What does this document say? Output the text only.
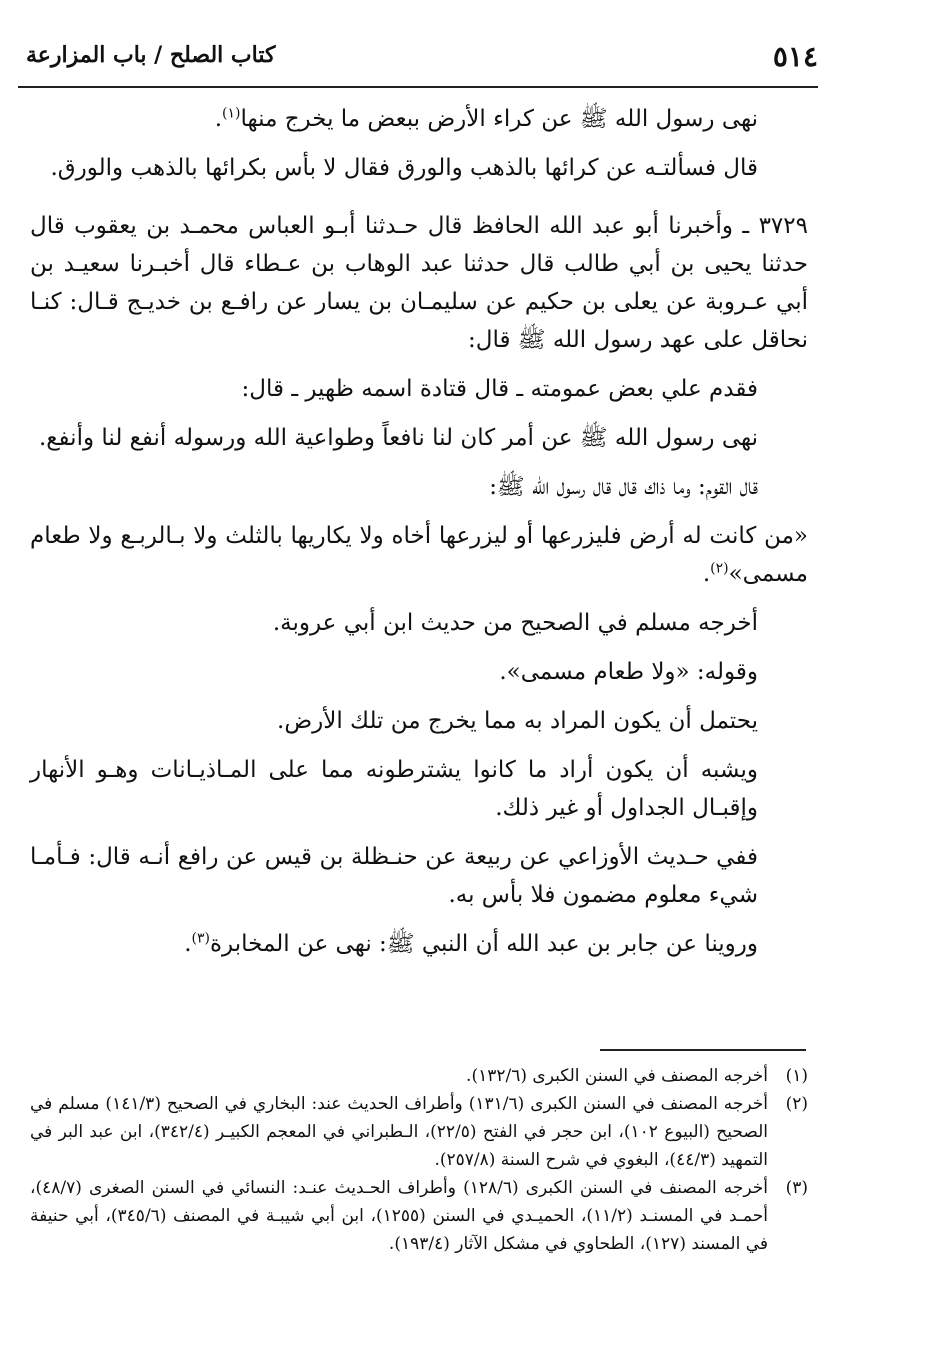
٥١٤
كتاب الصلح / باب المزارعة

نهى رسول الله ﷺ عن كراء الأرض ببعض ما يخرج منها$^{(١)}$.

قال فسألتـه عن كرائها بالذهب والورق فقال لا بأس بكرائها بالذهب والورق.

٣٧٢٩ ـ وأخبرنا أبو عبد الله الحافظ قال حـدثنا أبـو العباس محمـد بن يعقوب قال حدثنا يحيى بن أبي طالب قال حدثنا عبد الوهاب بن عـطاء قال أخبـرنا سعيـد بن أبي عـروبة عن يعلى بن حكيم عن سليمـان بن يسار عن رافـع بن خديـج قـال: كنـا نحاقل على عهد رسول الله ﷺ قال:

فقدم علي بعض عمومته ـ قال قتادة اسمه ظهير ـ قال:

نهى رسول الله ﷺ عن أمر كان لنا نافعاً وطواعية الله ورسوله أنفع لنا وأنفع.

قال القوم: وما ذاك قال قال رسول الله ﷺ:

«من كانت له أرض فليزرعها أو ليزرعها أخاه ولا يكاريها بالثلث ولا بـالربـع ولا طعام مسمى»$^{(٢)}$.

أخرجه مسلم في الصحيح من حديث ابن أبي عروبة.

وقوله: «ولا طعام مسمى».

يحتمل أن يكون المراد به مما يخرج من تلك الأرض.

ويشبه أن يكون أراد ما كانوا يشترطونه مما على المـاذيـانات وهـو الأنهار وإقبـال الجداول أو غير ذلك.

ففي حـديث الأوزاعي عن ربيعة عن حنـظلة بن قيس عن رافع أنـه قال: فـأمـا شيء معلوم مضمون فلا بأس به.

وروينا عن جابر بن عبد الله أن النبي ﷺ: نهى عن المخابرة$^{(٣)}$.

(١)
أخرجه المصنف في السنن الكبرى (١٣٢/٦).

(٢)
أخرجه المصنف في السنن الكبرى (١٣١/٦) وأطراف الحديث عند: البخاري في الصحيح (١٤١/٣) مسلم في الصحيح (البيوع ١٠٢)، ابن حجر في الفتح (٢٢/٥)، الـطبراني في المعجم الكبيـر (٣٤٢/٤)، ابن عبد البر في التمهيد (٤٤/٣)، البغوي في شرح السنة (٢٥٧/٨).

(٣)
أخرجه المصنف في السنن الكبرى (١٢٨/٦) وأطراف الحـديث عنـد: النسائي في السنن الصغرى (٤٨/٧)، أحمـد في المسنـد (١١/٢)، الحميـدي في السنن (١٢٥٥)، ابن أبي شيبـة في المصنف (٣٤٥/٦)، أبي حنيفة في المسند (١٢٧)، الطحاوي في مشكل الآثار (١٩٣/٤).
